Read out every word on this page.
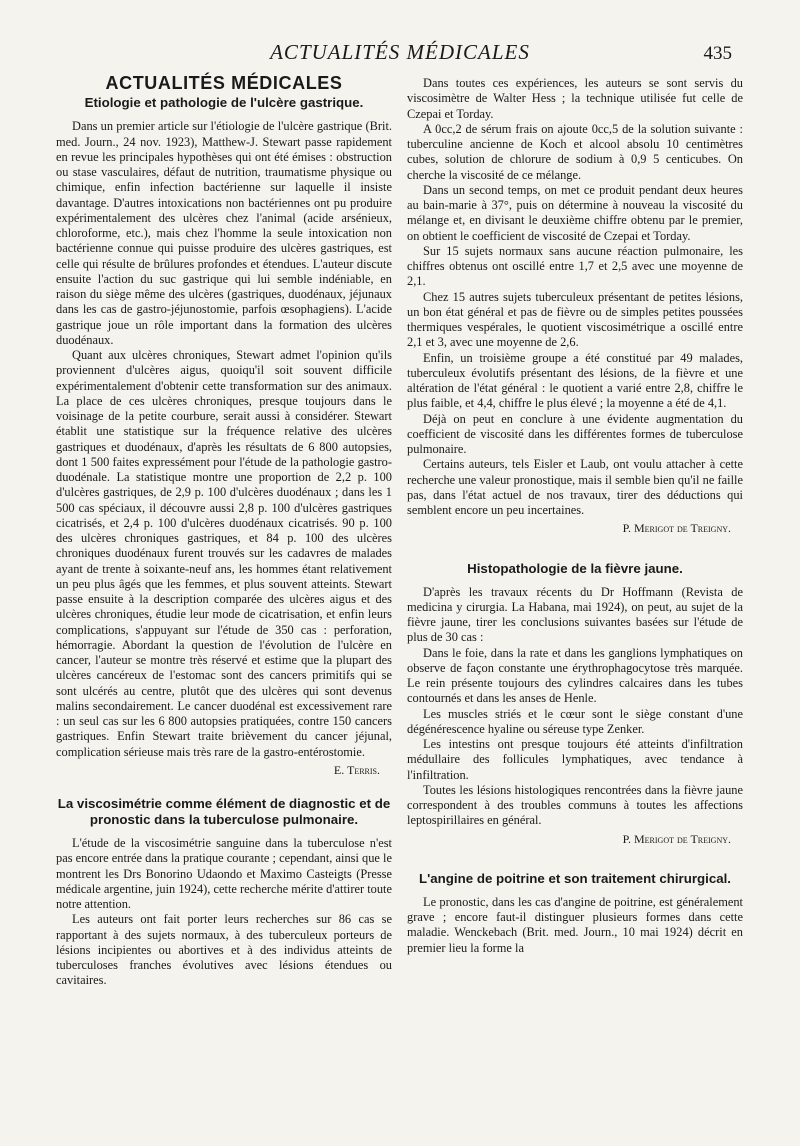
ACTUALITÉS MÉDICALES	435
ACTUALITÉS MÉDICALES
Etiologie et pathologie de l'ulcère gastrique.

Dans un premier article sur l'étiologie de l'ulcère gastrique (Brit. med. Journ., 24 nov. 1923), Matthew-J. Stewart passe rapidement en revue les principales hypothèses qui ont été émises : obstruction ou stase vasculaires, défaut de nutrition, traumatisme physique ou chimique, enfin infection bactérienne sur laquelle il insiste davantage. D'autres intoxications non bactériennes ont pu produire expérimentalement des ulcères chez l'animal (acide arsénieux, chloroforme, etc.), mais chez l'homme la seule intoxication non bactérienne connue qui puisse produire des ulcères gastriques, est celle qui résulte de brûlures profondes et étendues. L'auteur discute ensuite l'action du suc gastrique qui lui semble indéniable, en raison du siège même des ulcères (gastriques, duodénaux, jéjunaux dans les cas de gastro-jéjunostomie, parfois œsophagiens). L'acide gastrique joue un rôle important dans la formation des ulcères duodénaux.

Quant aux ulcères chroniques, Stewart admet l'opinion qu'ils proviennent d'ulcères aigus, quoiqu'il soit souvent difficile expérimentalement d'obtenir cette transformation sur des animaux. La place de ces ulcères chroniques, presque toujours dans le voisinage de la petite courbure, serait aussi à considérer. Stewart établit une statistique sur la fréquence relative des ulcères gastriques et duodénaux, d'après les résultats de 6 800 autopsies, dont 1 500 faites expressément pour l'étude de la pathologie gastro-duodénale. La statistique montre une proportion de 2,2 p. 100 d'ulcères gastriques, de 2,9 p. 100 d'ulcères duodénaux ; dans les 1 500 cas spéciaux, il découvre aussi 2,8 p. 100 d'ulcères gastriques cicatrisés, et 2,4 p. 100 d'ulcères duodénaux cicatrisés. 90 p. 100 des ulcères chroniques gastriques, et 84 p. 100 des ulcères chroniques duodénaux furent trouvés sur les cadavres de malades ayant de trente à soixante-neuf ans, les hommes étant relativement un peu plus âgés que les femmes, et plus souvent atteints. Stewart passe ensuite à la description comparée des ulcères aigus et des ulcères chroniques, étudie leur mode de cicatrisation, et enfin leurs complications, s'appuyant sur l'étude de 350 cas : perforation, hémorragie. Abordant la question de l'évolution de l'ulcère en cancer, l'auteur se montre très réservé et estime que la plupart des ulcères cancéreux de l'estomac sont des cancers primitifs qui se sont ulcérés au centre, plutôt que des ulcères qui sont devenus malins secondairement. Le cancer duodénal est excessivement rare : un seul cas sur les 6 800 autopsies pratiquées, contre 150 cancers gastriques. Enfin Stewart traite brièvement du cancer jéjunal, complication sérieuse mais très rare de la gastro-entérostomie.

E. Terris.
La viscosimétrie comme élément de diagnostic et de pronostic dans la tuberculose pulmonaire.

L'étude de la viscosimétrie sanguine dans la tuberculose n'est pas encore entrée dans la pratique courante ; cependant, ainsi que le montrent les Drs Bonorino Udaondo et Maximo Casteigts (Presse médicale argentine, juin 1924), cette recherche mérite d'attirer toute notre attention.

Les auteurs ont fait porter leurs recherches sur 86 cas se rapportant à des sujets normaux, à des tuberculeux porteurs de lésions incipientes ou abortives et à des individus atteints de tuberculoses franches évolutives avec lésions étendues ou cavitaires.

Dans toutes ces expériences, les auteurs se sont servis du viscosimètre de Walter Hess ; la technique utilisée fut celle de Czepai et Torday.

A 0cc,2 de sérum frais on ajoute 0cc,5 de la solution suivante : tuberculine ancienne de Koch et alcool absolu 10 centimètres cubes, solution de chlorure de sodium à 0,9 5 centicubes. On cherche la viscosité de ce mélange.

Dans un second temps, on met ce produit pendant deux heures au bain-marie à 37°, puis on détermine à nouveau la viscosité du mélange et, en divisant le deuxième chiffre obtenu par le premier, on obtient le coefficient de viscosité de Czepai et Torday.

Sur 15 sujets normaux sans aucune réaction pulmonaire, les chiffres obtenus ont oscillé entre 1,7 et 2,5 avec une moyenne de 2,1.

Chez 15 autres sujets tuberculeux présentant de petites lésions, un bon état général et pas de fièvre ou de simples petites poussées thermiques vespérales, le quotient viscosimétrique a oscillé entre 2,1 et 3, avec une moyenne de 2,6.

Enfin, un troisième groupe a été constitué par 49 malades, tuberculeux évolutifs présentant des lésions, de la fièvre et une altération de l'état général : le quotient a varié entre 2,8, chiffre le plus faible, et 4,4, chiffre le plus élevé ; la moyenne a été de 4,1.

Déjà on peut en conclure à une évidente augmentation du coefficient de viscosité dans les différentes formes de tuberculose pulmonaire.

Certains auteurs, tels Eisler et Laub, ont voulu attacher à cette recherche une valeur pronostique, mais il semble bien qu'il ne faille pas, dans l'état actuel de nos travaux, tirer des déductions qui semblent encore un peu incertaines.

P. Merigot de Treigny.
Histopathologie de la fièvre jaune.

D'après les travaux récents du Dr Hoffmann (Revista de medicina y cirurgia. La Habana, mai 1924), on peut, au sujet de la fièvre jaune, tirer les conclusions suivantes basées sur l'étude de plus de 30 cas :

Dans le foie, dans la rate et dans les ganglions lymphatiques on observe de façon constante une érythrophagocytose très marquée. Le rein présente toujours des cylindres calcaires dans les tubes contournés et dans les anses de Henle.

Les muscles striés et le cœur sont le siège constant d'une dégénérescence hyaline ou séreuse type Zenker.

Les intestins ont presque toujours été atteints d'infiltration médullaire des follicules lymphatiques, avec tendance à l'infiltration.

Toutes les lésions histologiques rencontrées dans la fièvre jaune correspondent à des troubles communs à toutes les affections leptospirillaires en général.

P. Merigot de Treigny.
L'angine de poitrine et son traitement chirurgical.

Le pronostic, dans les cas d'angine de poitrine, est généralement grave ; encore faut-il distinguer plusieurs formes dans cette maladie. Wenckebach (Brit. med. Journ., 10 mai 1924) décrit en premier lieu la forme la
